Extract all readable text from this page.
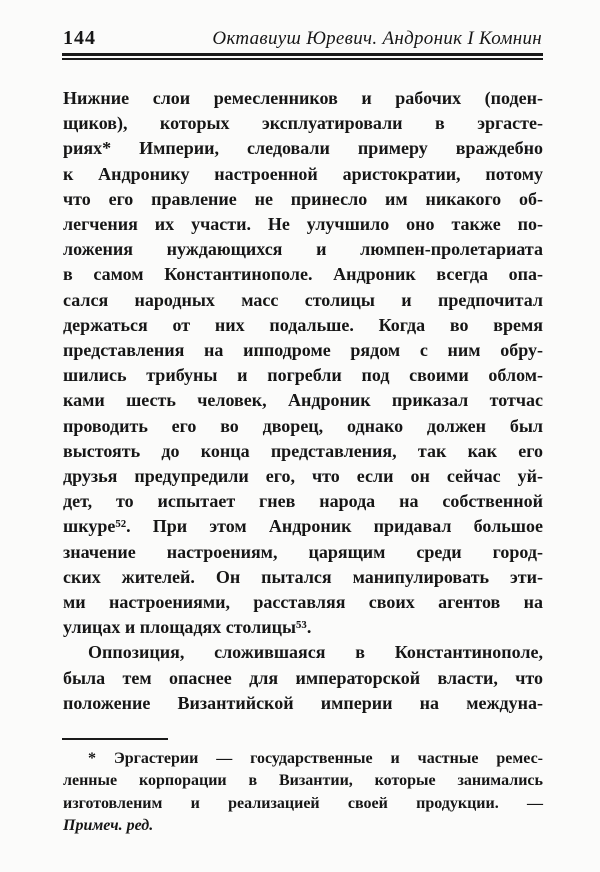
144	Октавиуш Юревич. Андроник I Комнин
Нижние слои ремесленников и рабочих (поден-
щиков), которых эксплуатировали в эргасте-
риях* Империи, следовали примеру враждебно
к Андронику настроенной аристократии, потому
что его правление не принесло им никакого об-
легчения их участи. Не улучшило оно также по-
ложения нуждающихся и люмпен-пролетариата
в самом Константинополе. Андроник всегда опа-
сался народных масс столицы и предпочитал
держаться от них подальше. Когда во время
представления на ипподроме рядом с ним обру-
шились трибуны и погребли под своими облом-
ками шесть человек, Андроник приказал тотчас
проводить его во дворец, однако должен был
выстоять до конца представления, так как его
друзья предупредили его, что если он сейчас уй-
дет, то испытает гнев народа на собственной
шкуре⁵². При этом Андроник придавал большое
значение настроениям, царящим среди город-
ских жителей. Он пытался манипулировать эти-
ми настроениями, расставляя своих агентов на
улицах и площадях столицы⁵³.
Оппозиция, сложившаяся в Константинополе,
была тем опаснее для императорской власти, что
положение Византийской империи на междуна-
* Эргастерии — государственные и частные ремес-
ленные корпорации в Византии, которые занимались
изготовленим и реализацией своей продукции. —
Примеч. ред.
